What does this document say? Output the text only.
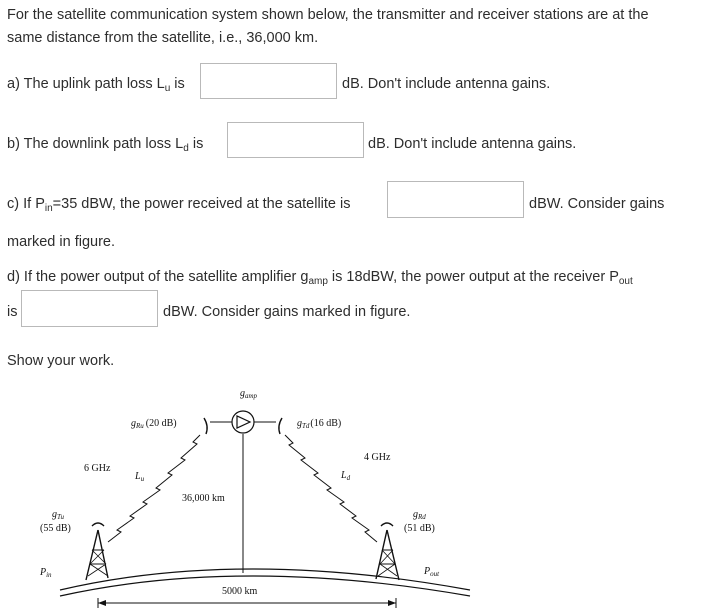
For the satellite communication system shown below, the transmitter and receiver stations are at the
same distance from the satellite, i.e., 36,000 km.
a) The uplink path loss $L_u$ is	dB. Don't include antenna gains.
b) The downlink path loss $L_d$ is	dB. Don't include antenna gains.
c) If $P_{in}=35$ dBW, the power received at the satellite is	dBW. Consider gains
marked in figure.
d) If the power output of the satellite amplifier $g_{amp}$ is 18dBW, the power output at the receiver $P_{out}$
is	dBW. Consider gains marked in figure.
Show your work.
$g_{amp}$
$g_{Ru}$ (20 dB)	$g_{Td}(16$ dB)
6 GHz
4 GHz
$L_u$	$L_d$
36,000 km
$g_{Tu}$
(55 dB)
$g_{Rd}$
(51 dB)
$P_{in}$	$P_{out}$
5000 km
